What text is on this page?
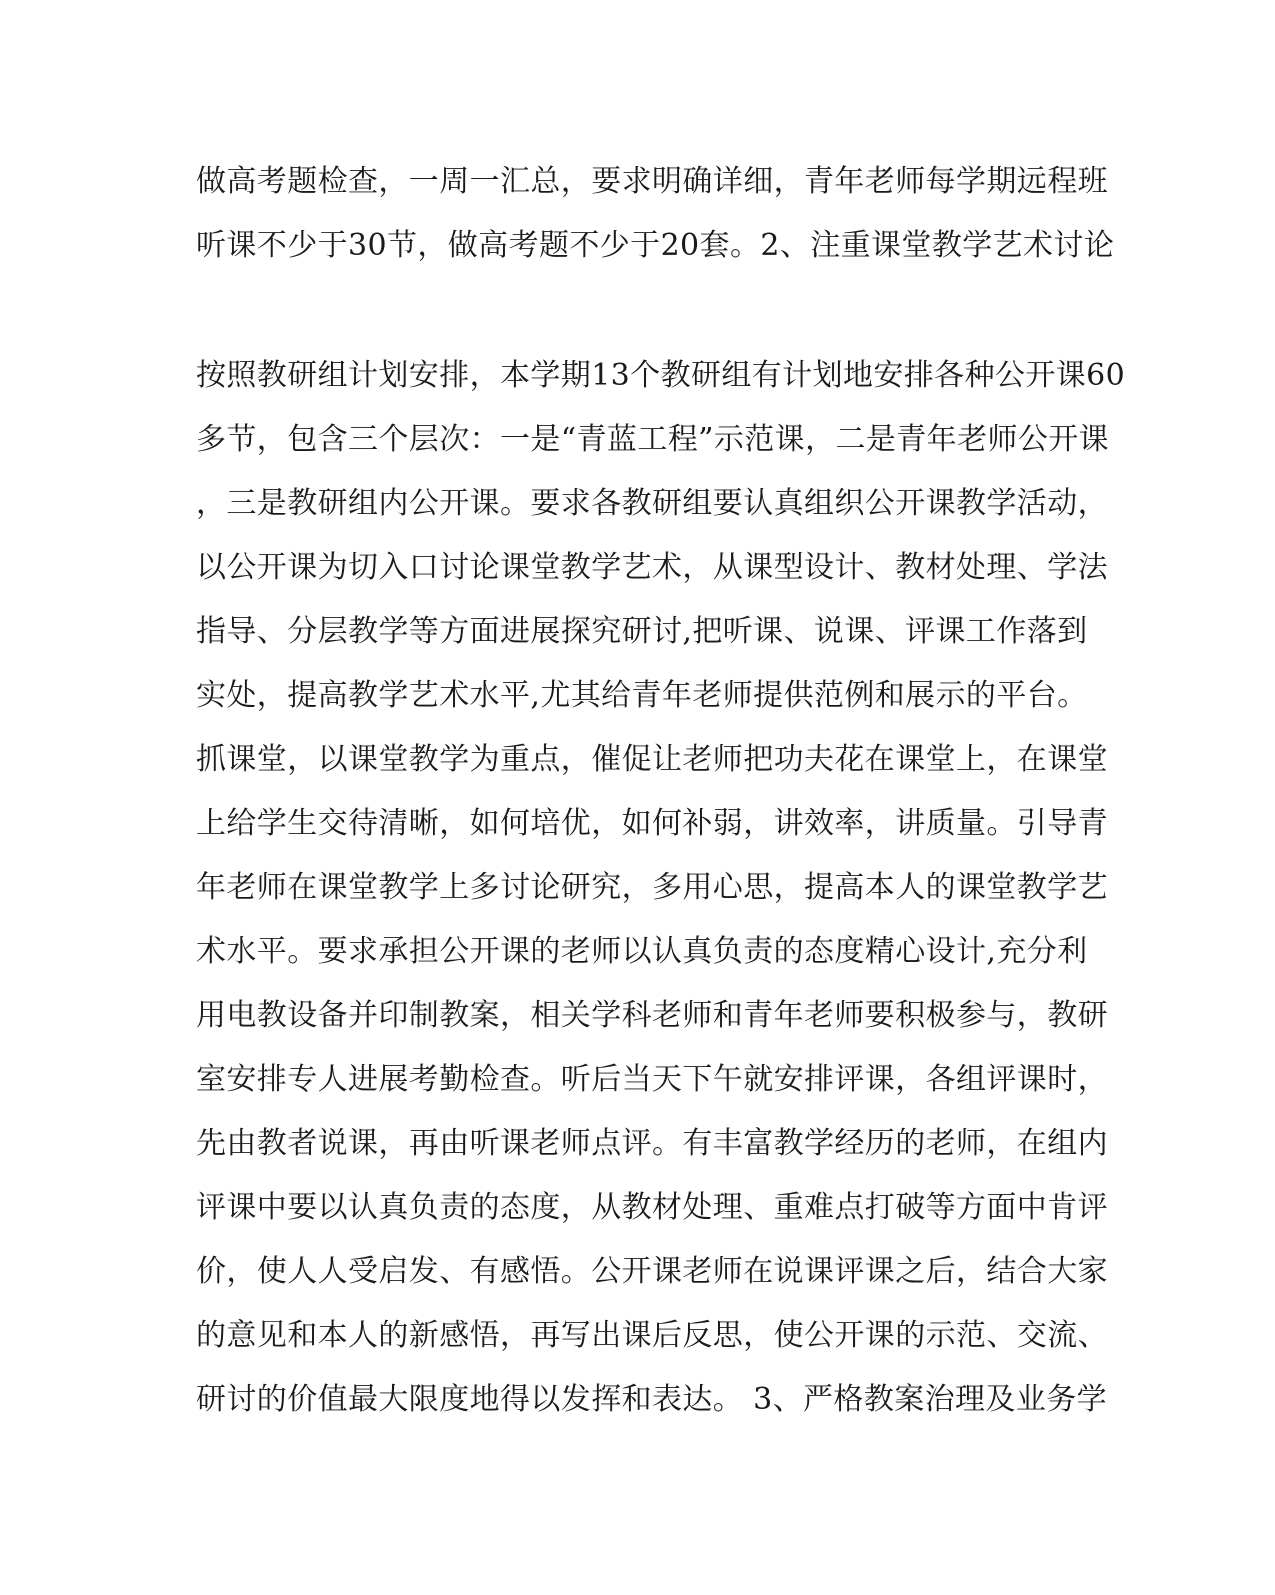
做高考题检查，一周一汇总，要求明确详细，青年老师每学期远程班
听课不少于30节，做高考题不少于20套。2、注重课堂教学艺术讨论
按照教研组计划安排，本学期13个教研组有计划地安排各种公开课60
多节，包含三个层次：一是“青蓝工程”示范课，二是青年老师公开课
，三是教研组内公开课。要求各教研组要认真组织公开课教学活动，
以公开课为切入口讨论课堂教学艺术，从课型设计、教材处理、学法
指导、分层教学等方面进展探究研讨,把听课、说课、评课工作落到
实处，提高教学艺术水平,尤其给青年老师提供范例和展示的平台。
抓课堂，以课堂教学为重点，催促让老师把功夫花在课堂上，在课堂
上给学生交待清晰，如何培优，如何补弱，讲效率，讲质量。引导青
年老师在课堂教学上多讨论研究，多用心思，提高本人的课堂教学艺
术水平。要求承担公开课的老师以认真负责的态度精心设计,充分利
用电教设备并印制教案，相关学科老师和青年老师要积极参与，教研
室安排专人进展考勤检查。听后当天下午就安排评课，各组评课时，
先由教者说课，再由听课老师点评。有丰富教学经历的老师，在组内
评课中要以认真负责的态度，从教材处理、重难点打破等方面中肯评
价，使人人受启发、有感悟。公开课老师在说课评课之后，结合大家
的意见和本人的新感悟，再写出课后反思，使公开课的示范、交流、
研讨的价值最大限度地得以发挥和表达。 3、严格教案治理及业务学
